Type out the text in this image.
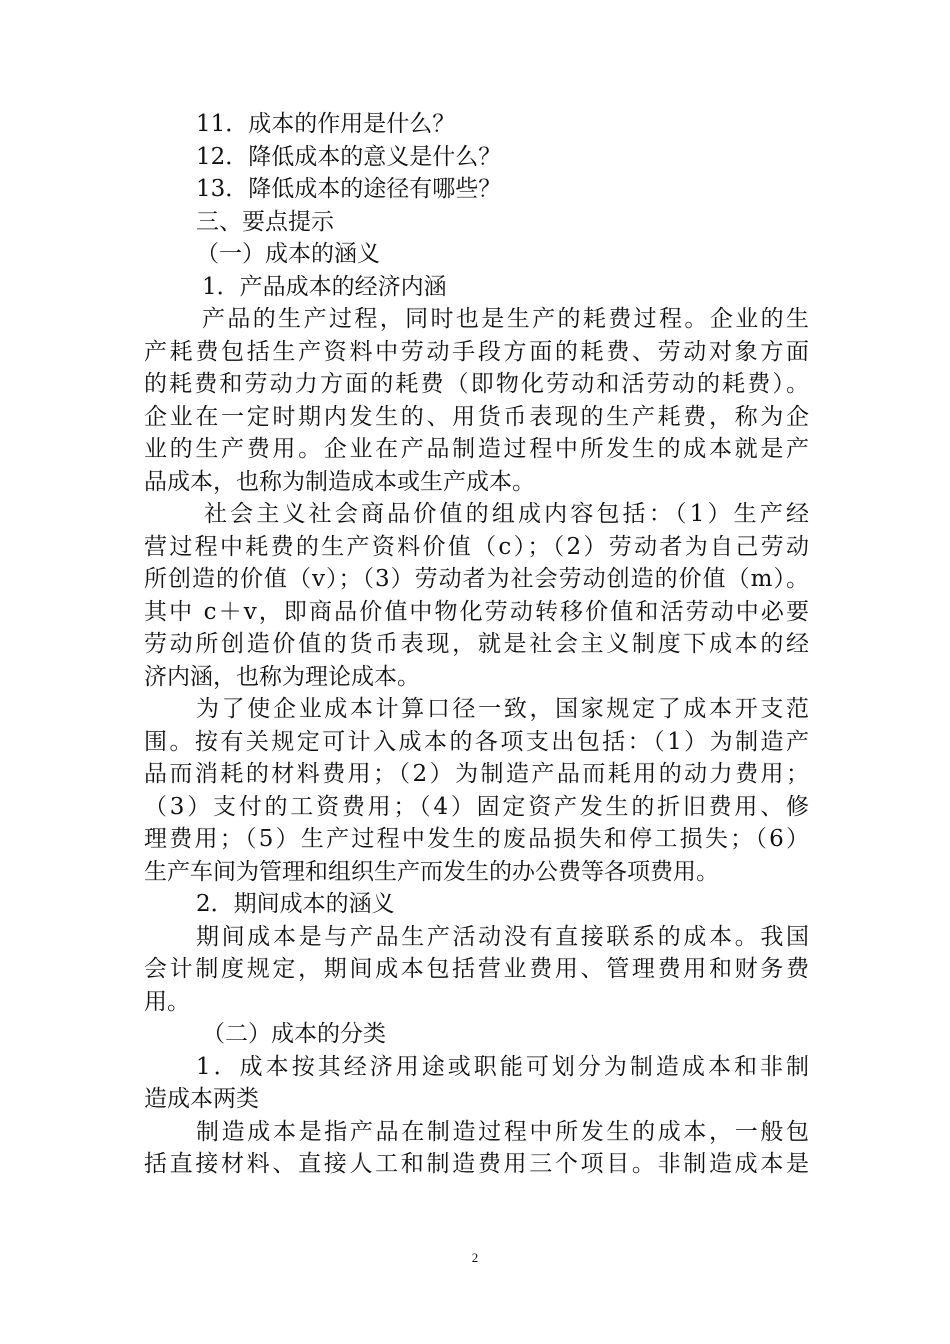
11．成本的作用是什么？
12．降低成本的意义是什么？
13．降低成本的途径有哪些？
三、要点提示
（一）成本的涵义
1．产品成本的经济内涵
产品的生产过程，同时也是生产的耗费过程。企业的生
产耗费包括生产资料中劳动手段方面的耗费、劳动对象方面
的耗费和劳动力方面的耗费（即物化劳动和活劳动的耗费）。
企业在一定时期内发生的、用货币表现的生产耗费，称为企
业的生产费用。企业在产品制造过程中所发生的成本就是产
品成本，也称为制造成本或生产成本。
社会主义社会商品价值的组成内容包括：（1）生产经
营过程中耗费的生产资料价值（c）；（2）劳动者为自己劳动
所创造的价值（v）；（3）劳动者为社会劳动创造的价值（m）。
其中 c＋v，即商品价值中物化劳动转移价值和活劳动中必要
劳动所创造价值的货币表现，就是社会主义制度下成本的经
济内涵，也称为理论成本。
为了使企业成本计算口径一致，国家规定了成本开支范
围。按有关规定可计入成本的各项支出包括：（1）为制造产
品而消耗的材料费用；（2）为制造产品而耗用的动力费用；
（3）支付的工资费用；（4）固定资产发生的折旧费用、修
理费用；（5）生产过程中发生的废品损失和停工损失；（6）
生产车间为管理和组织生产而发生的办公费等各项费用。
2．期间成本的涵义
期间成本是与产品生产活动没有直接联系的成本。我国
会计制度规定，期间成本包括营业费用、管理费用和财务费
用。
（二）成本的分类
1．成本按其经济用途或职能可划分为制造成本和非制
造成本两类
制造成本是指产品在制造过程中所发生的成本，一般包
括直接材料、直接人工和制造费用三个项目。非制造成本是
2
